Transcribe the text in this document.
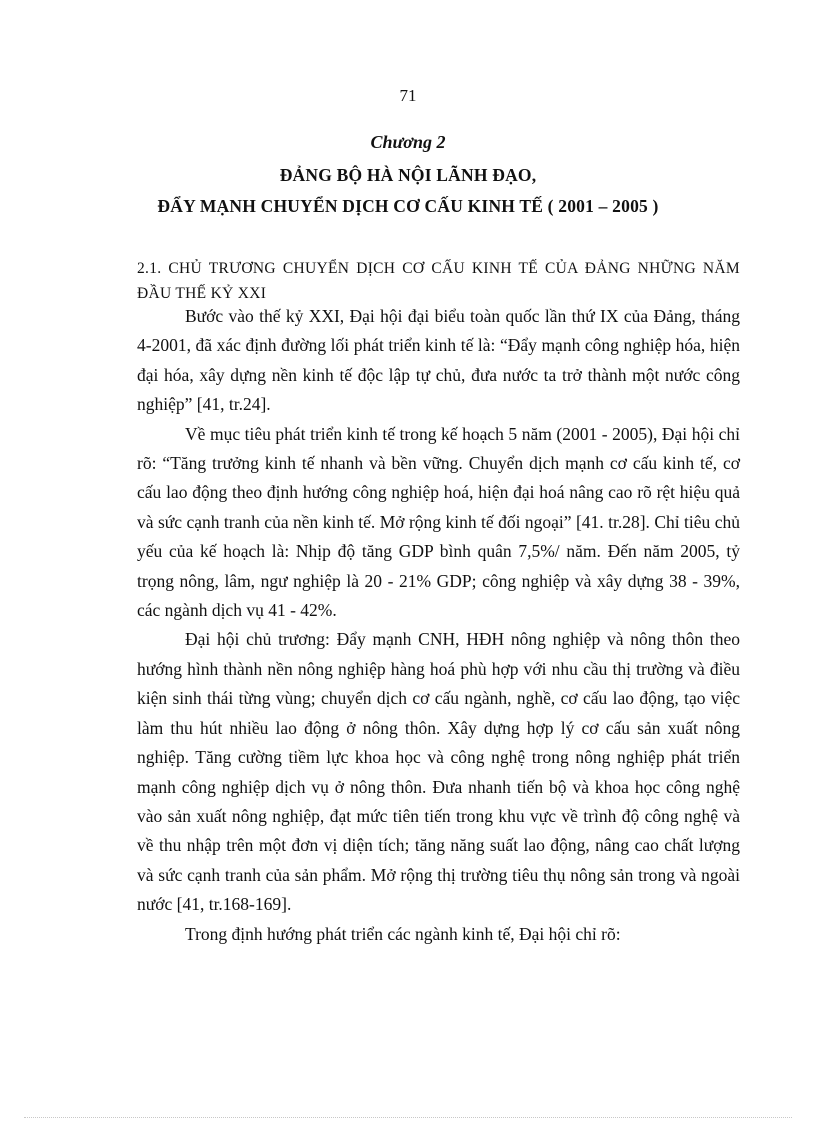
71
Chương 2
ĐẢNG BỘ HÀ NỘI LÃNH ĐẠO,
ĐẨY MẠNH CHUYỂN DỊCH CƠ CẤU KINH TẾ ( 2001 – 2005 )
2.1. CHỦ TRƯƠNG CHUYỂN DỊCH CƠ CẤU KINH TẾ CỦA ĐẢNG NHỮNG NĂM ĐẦU THẾ KỶ XXI

Bước vào thế kỷ XXI, Đại hội đại biểu toàn quốc lần thứ IX của Đảng, tháng 4-2001, đã xác định đường lối phát triển kinh tế là: “Đẩy mạnh công nghiệp hóa, hiện đại hóa, xây dựng nền kinh tế độc lập tự chủ, đưa nước ta trở thành một nước công nghiệp” [41, tr.24].

Về mục tiêu phát triển kinh tế trong kế hoạch 5 năm (2001 - 2005), Đại hội chỉ rõ: “Tăng trưởng kinh tế nhanh và bền vững. Chuyển dịch mạnh cơ cấu kinh tế, cơ cấu lao động theo định hướng công nghiệp hoá, hiện đại hoá nâng cao rõ rệt hiệu quả và sức cạnh tranh của nền kinh tế. Mở rộng kinh tế đối ngoại” [41. tr.28]. Chỉ tiêu chủ yếu của kế hoạch là: Nhịp độ tăng GDP bình quân 7,5%/ năm. Đến năm 2005, tỷ trọng nông, lâm, ngư nghiệp là 20 - 21% GDP; công nghiệp và xây dựng 38 - 39%, các ngành dịch vụ 41 - 42%.

Đại hội chủ trương: Đẩy mạnh CNH, HĐH nông nghiệp và nông thôn theo hướng hình thành nền nông nghiệp hàng hoá phù hợp với nhu cầu thị trường và điều kiện sinh thái từng vùng; chuyển dịch cơ cấu ngành, nghề, cơ cấu lao động, tạo việc làm thu hút nhiều lao động ở nông thôn. Xây dựng hợp lý cơ cấu sản xuất nông nghiệp. Tăng cường tiềm lực khoa học và công nghệ trong nông nghiệp phát triển mạnh công nghiệp dịch vụ ở nông thôn. Đưa nhanh tiến bộ và khoa học công nghệ vào sản xuất nông nghiệp, đạt mức tiên tiến trong khu vực về trình độ công nghệ và về thu nhập trên một đơn vị diện tích; tăng năng suất lao động, nâng cao chất lượng và sức cạnh tranh của sản phẩm. Mở rộng thị trường tiêu thụ nông sản trong và ngoài nước [41, tr.168-169].

Trong định hướng phát triển các ngành kinh tế, Đại hội chỉ rõ:
